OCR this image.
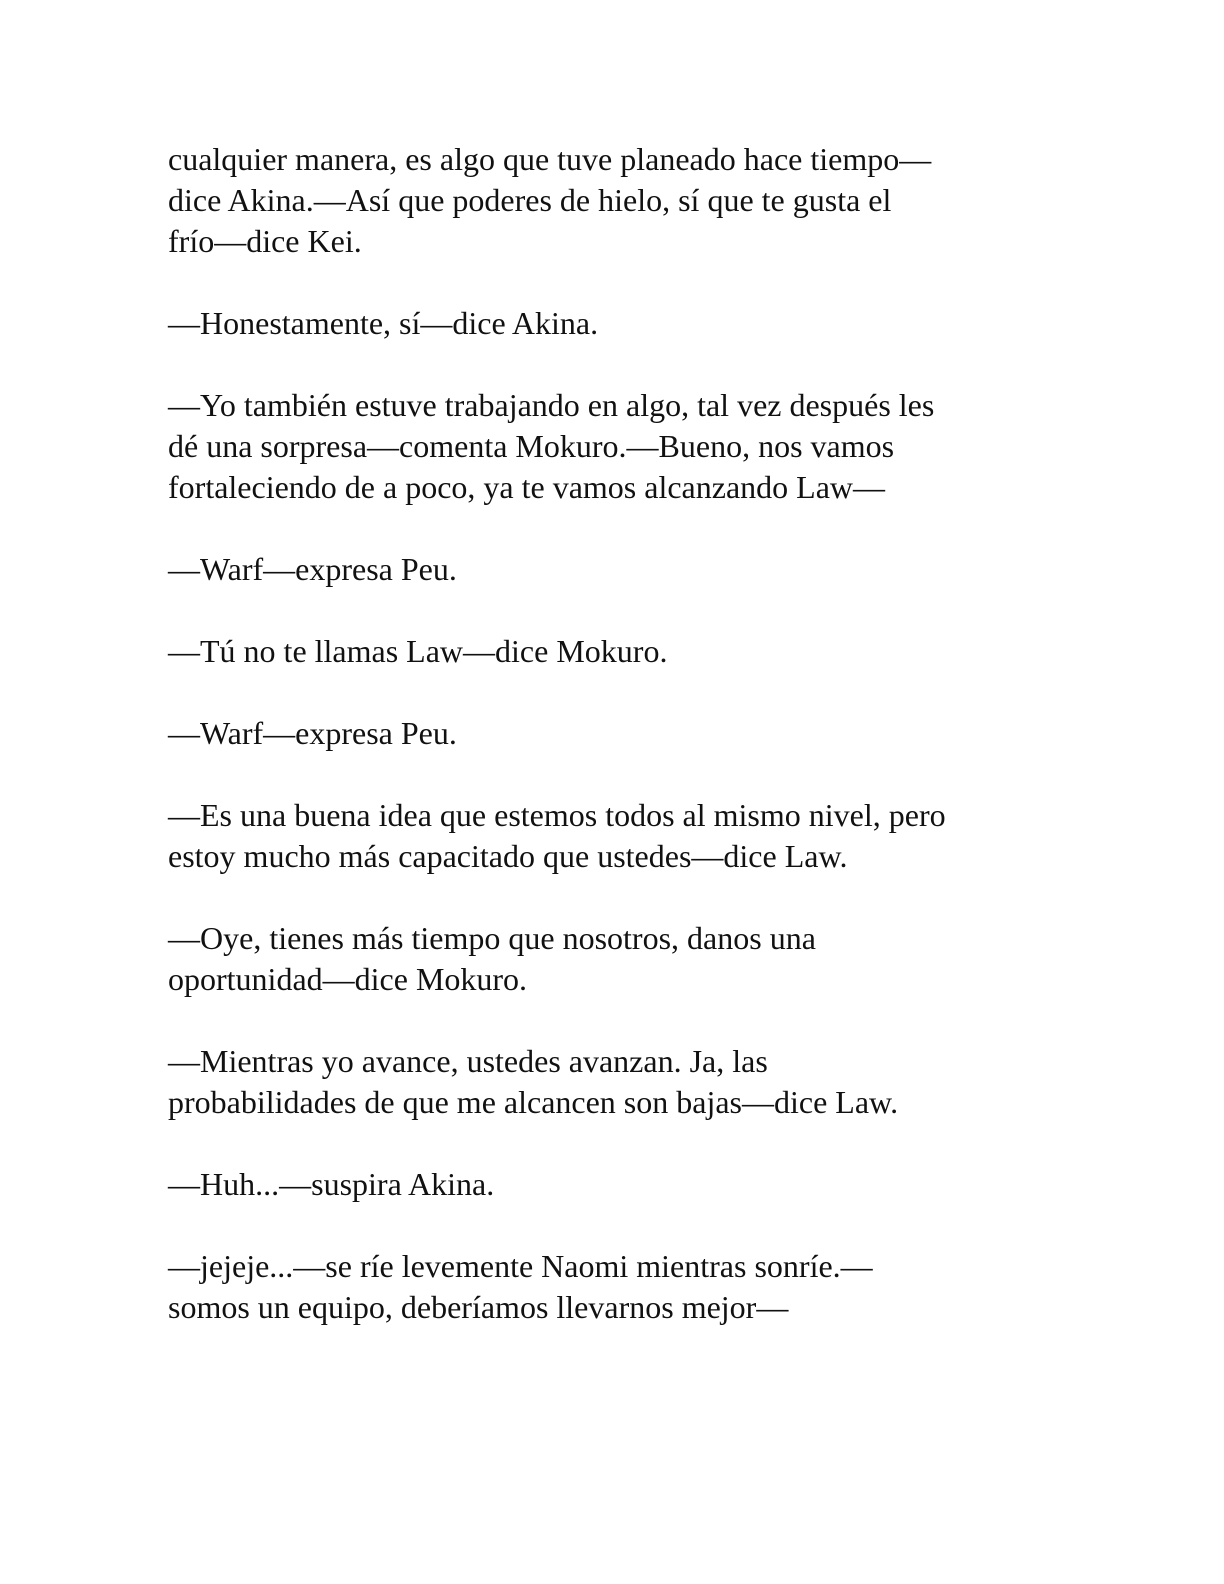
cualquier manera, es algo que tuve planeado hace tiempo—
dice Akina.—Así que poderes de hielo, sí que te gusta el
frío—dice Kei.
—Honestamente, sí—dice Akina.
—Yo también estuve trabajando en algo, tal vez después les
dé una sorpresa—comenta Mokuro.—Bueno, nos vamos
fortaleciendo de a poco, ya te vamos alcanzando Law—
—Warf—expresa Peu.
—Tú no te llamas Law—dice Mokuro.
—Warf—expresa Peu.
—Es una buena idea que estemos todos al mismo nivel, pero
estoy mucho más capacitado que ustedes—dice Law.
—Oye, tienes más tiempo que nosotros, danos una
oportunidad—dice Mokuro.
—Mientras yo avance, ustedes avanzan. Ja, las
probabilidades de que me alcancen son bajas—dice Law.
—Huh...—suspira Akina.
—jejeje...—se ríe levemente Naomi mientras sonríe.—
somos un equipo, deberíamos llevarnos mejor—
